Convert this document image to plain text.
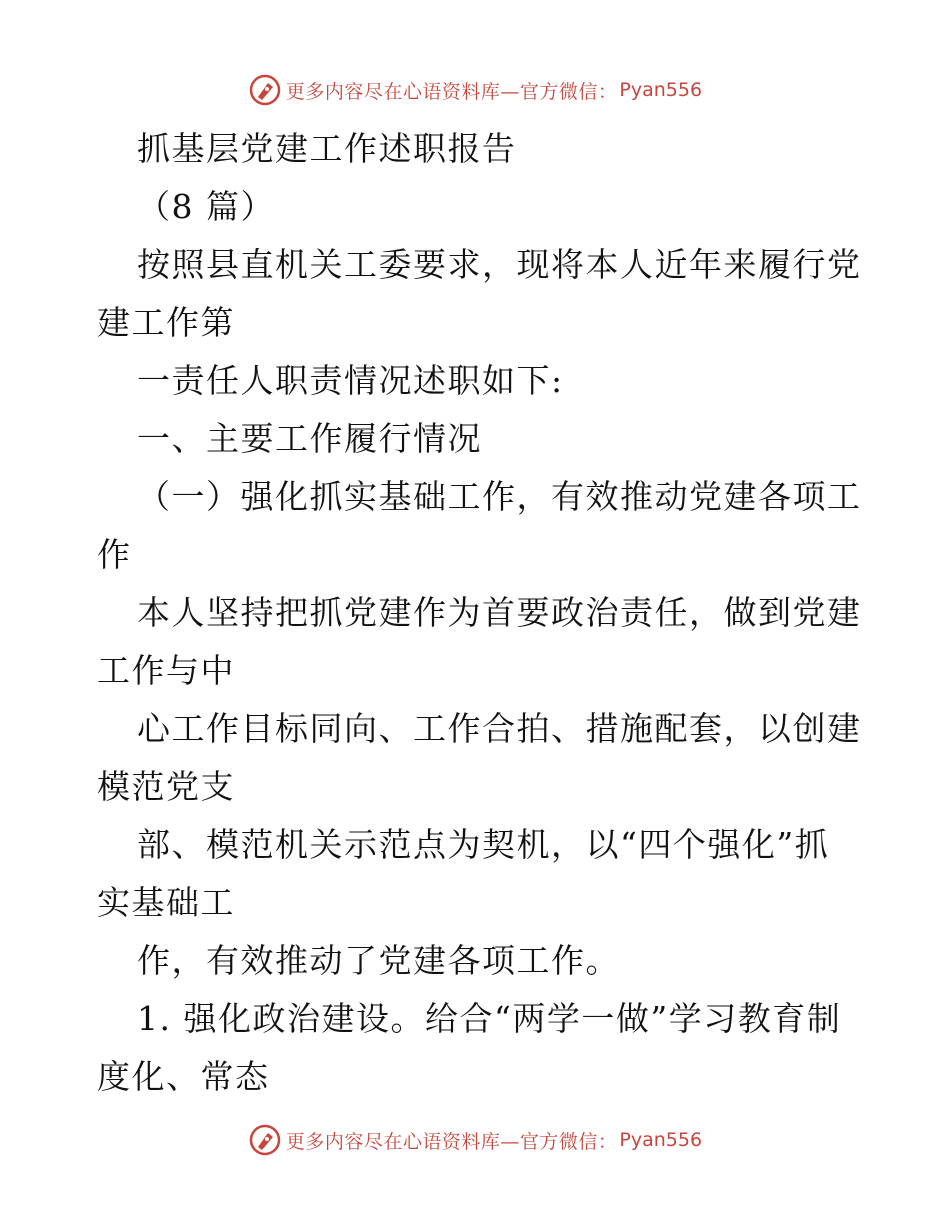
更多内容尽在心语资料库—官方微信： Pyan556
抓基层党建工作述职报告
（8 篇）
按照县直机关工委要求，现将本人近年来履行党
建工作第
一责任人职责情况述职如下:
一、主要工作履行情况
（一）强化抓实基础工作，有效推动党建各项工
作
本人坚持把抓党建作为首要政治责任，做到党建
工作与中
心工作目标同向、工作合拍、措施配套，以创建
模范党支
部、模范机关示范点为契机，以“四个强化”抓
实基础工
作，有效推动了党建各项工作。
1. 强化政治建设。给合“两学一做”学习教育制
度化、常态
更多内容尽在心语资料库—官方微信： Pyan556
